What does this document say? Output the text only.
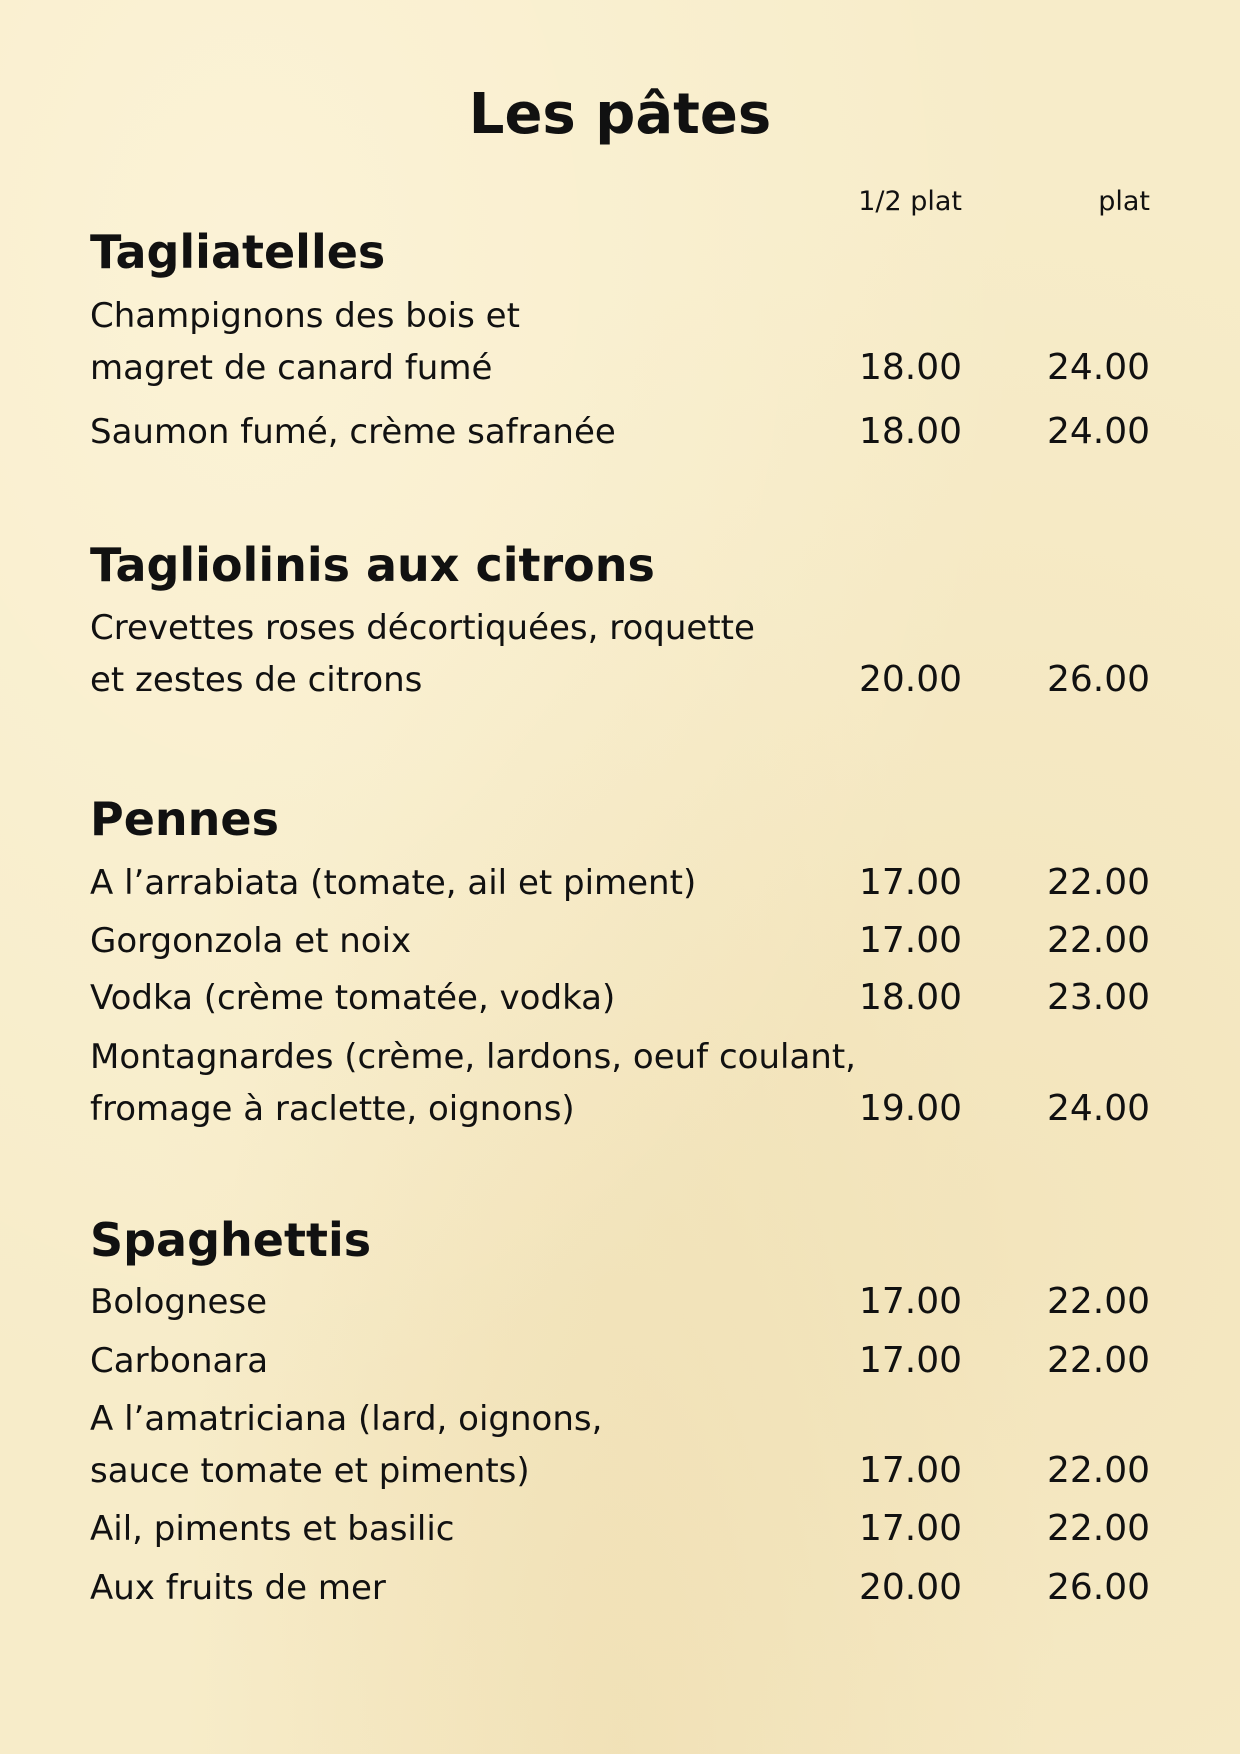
Les pâtes
1/2 plat	plat
Tagliatelles
Champignons des bois et
magret de canard fumé	18.00 24.00
Saumon fumé, crème safranée	18.00 24.00
Tagliolinis aux citrons
Crevettes roses décortiquées, roquette
et zestes de citrons	20.00 26.00
Pennes
A l’arrabiata (tomate, ail et piment)	17.00 22.00
Gorgonzola et noix	17.00 22.00
Vodka (crème tomatée, vodka)	18.00 23.00
Montagnardes (crème, lardons, oeuf coulant,
fromage à raclette, oignons)	19.00 24.00
Spaghettis
Bolognese	17.00 22.00
Carbonara	17.00 22.00
A l’amatriciana (lard, oignons,
sauce tomate et piments)	17.00 22.00
Ail, piments et basilic	17.00 22.00
Aux fruits de mer	20.00 26.00
